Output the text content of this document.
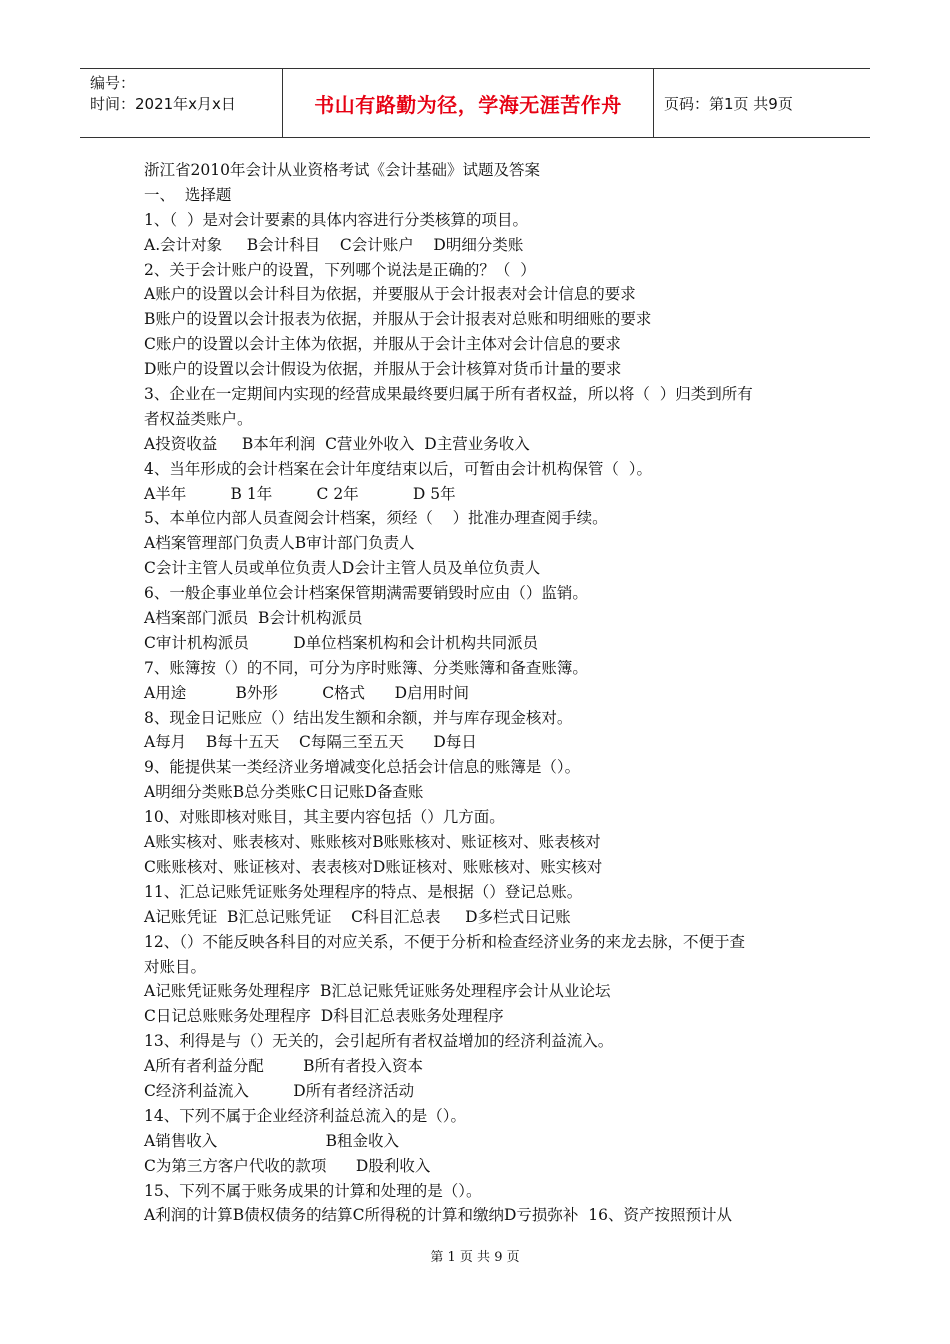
编号：
时间：2021年x月x日	书山有路勤为径，学海无涯苦作舟	页码：第1页 共9页
浙江省2010年会计从业资格考试《会计基础》试题及答案
一、  选择题
1、（  ）是对会计要素的具体内容进行分类核算的项目。
A.会计对象     B会计科目    C会计账户    D明细分类账
2、关于会计账户的设置，下列哪个说法是正确的？（  ）
A账户的设置以会计科目为依据，并要服从于会计报表对会计信息的要求
B账户的设置以会计报表为依据，并服从于会计报表对总账和明细账的要求
C账户的设置以会计主体为依据，并服从于会计主体对会计信息的要求
D账户的设置以会计假设为依据，并服从于会计核算对货币计量的要求
3、企业在一定期间内实现的经营成果最终要归属于所有者权益，所以将（  ）归类到所有
者权益类账户。
A投资收益     B本年利润  C营业外收入  D主营业务收入
4、当年形成的会计档案在会计年度结束以后，可暂由会计机构保管（  ）。
A半年         B 1年         C 2年           D 5年
5、本单位内部人员查阅会计档案，须经（    ）批准办理查阅手续。
A档案管理部门负责人B审计部门负责人
C会计主管人员或单位负责人D会计主管人员及单位负责人
6、一般企事业单位会计档案保管期满需要销毁时应由（）监销。
A档案部门派员  B会计机构派员
C审计机构派员         D单位档案机构和会计机构共同派员
7、账簿按（）的不同，可分为序时账簿、分类账簿和备查账簿。
A用途          B外形         C格式      D启用时间
8、现金日记账应（）结出发生额和余额，并与库存现金核对。
A每月    B每十五天    C每隔三至五天      D每日
9、能提供某一类经济业务增减变化总括会计信息的账簿是（）。
A明细分类账B总分类账C日记账D备查账
10、对账即核对账目，其主要内容包括（）几方面。
A账实核对、账表核对、账账核对B账账核对、账证核对、账表核对
C账账核对、账证核对、表表核对D账证核对、账账核对、账实核对
11、汇总记账凭证账务处理程序的特点、是根据（）登记总账。
A记账凭证  B汇总记账凭证    C科目汇总表     D多栏式日记账
12、（）不能反映各科目的对应关系，不便于分析和检查经济业务的来龙去脉，不便于查
对账目。
A记账凭证账务处理程序  B汇总记账凭证账务处理程序会计从业论坛
C日记总账账务处理程序  D科目汇总表账务处理程序
13、利得是与（）无关的，会引起所有者权益增加的经济利益流入。
A所有者利益分配        B所有者投入资本
C经济利益流入         D所有者经济活动
14、下列不属于企业经济利益总流入的是（）。
A销售收入                      B租金收入
C为第三方客户代收的款项      D股利收入
15、下列不属于账务成果的计算和处理的是（）。
A利润的计算B债权债务的结算C所得税的计算和缴纳D亏损弥补  16、资产按照预计从
第 1 页 共 9 页
